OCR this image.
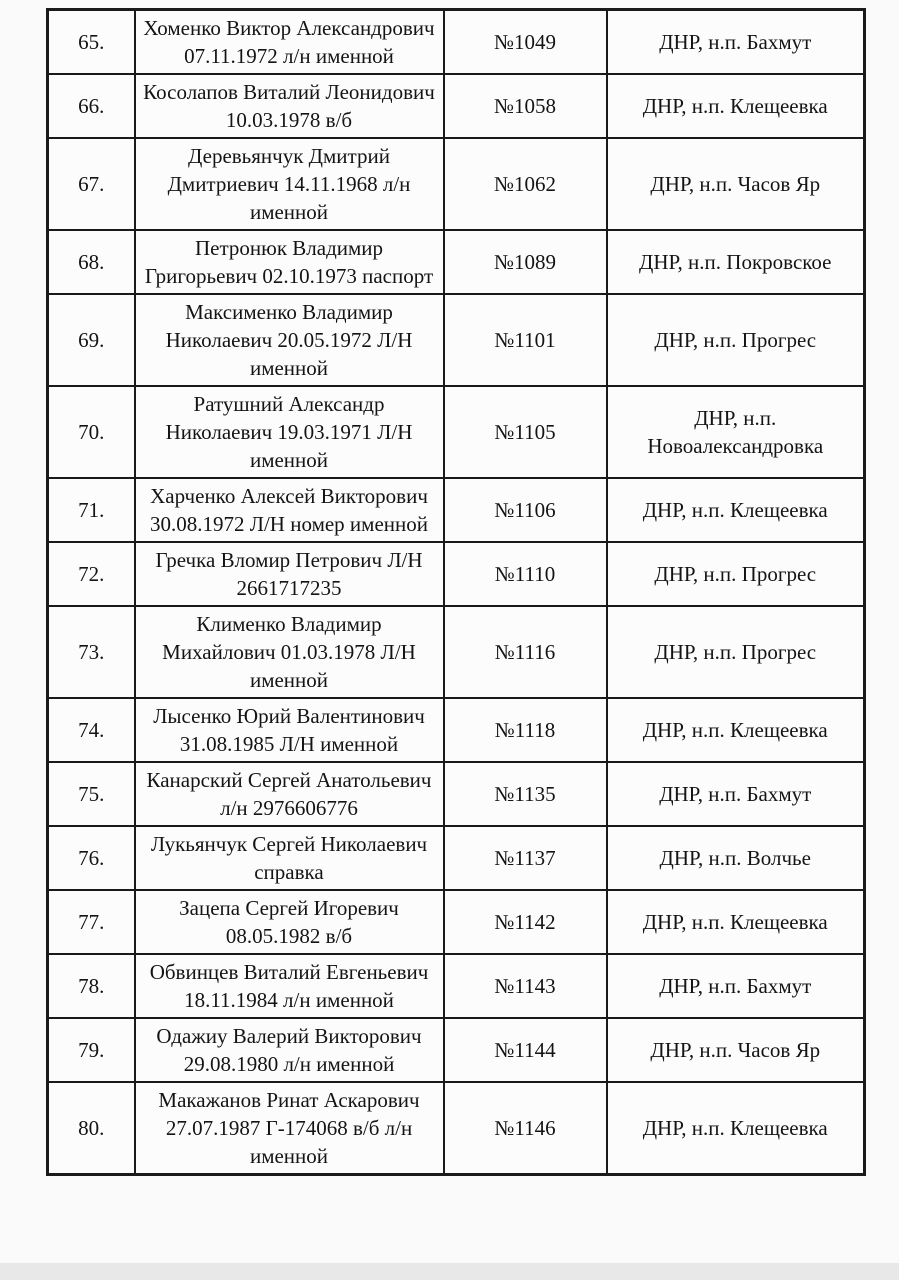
65.	Хоменко Виктор Александрович 07.11.1972 л/н именной	№1049	ДНР, н.п. Бахмут
66.	Косолапов Виталий Леонидович 10.03.1978 в/б	№1058	ДНР, н.п. Клещеевка
67.	Деревьянчук Дмитрий Дмитриевич 14.11.1968 л/н именной	№1062	ДНР, н.п. Часов Яр
68.	Петронюк Владимир Григорьевич 02.10.1973 паспорт	№1089	ДНР, н.п. Покровское
69.	Максименко Владимир Николаевич 20.05.1972 Л/Н именной	№1101	ДНР, н.п. Прогрес
70.	Ратушний Александр Николаевич 19.03.1971 Л/Н именной	№1105	ДНР, н.п. Новоалександровка
71.	Харченко Алексей Викторович 30.08.1972 Л/Н номер именной	№1106	ДНР, н.п. Клещеевка
72.	Гречка Вломир Петрович Л/Н 2661717235	№1110	ДНР, н.п. Прогрес
73.	Клименко Владимир Михайлович 01.03.1978 Л/Н именной	№1116	ДНР, н.п. Прогрес
74.	Лысенко Юрий Валентинович 31.08.1985 Л/Н именной	№1118	ДНР, н.п. Клещеевка
75.	Канарский Сергей Анатольевич л/н 2976606776	№1135	ДНР, н.п. Бахмут
76.	Лукьянчук Сергей Николаевич справка	№1137	ДНР, н.п. Волчье
77.	Зацепа Сергей Игоревич 08.05.1982 в/б	№1142	ДНР, н.п. Клещеевка
78.	Обвинцев Виталий Евгеньевич 18.11.1984 л/н именной	№1143	ДНР, н.п. Бахмут
79.	Одажиу Валерий Викторович 29.08.1980 л/н именной	№1144	ДНР, н.п. Часов Яр
80.	Макажанов Ринат Аскарович 27.07.1987 Г-174068 в/б л/н именной	№1146	ДНР, н.п. Клещеевка
